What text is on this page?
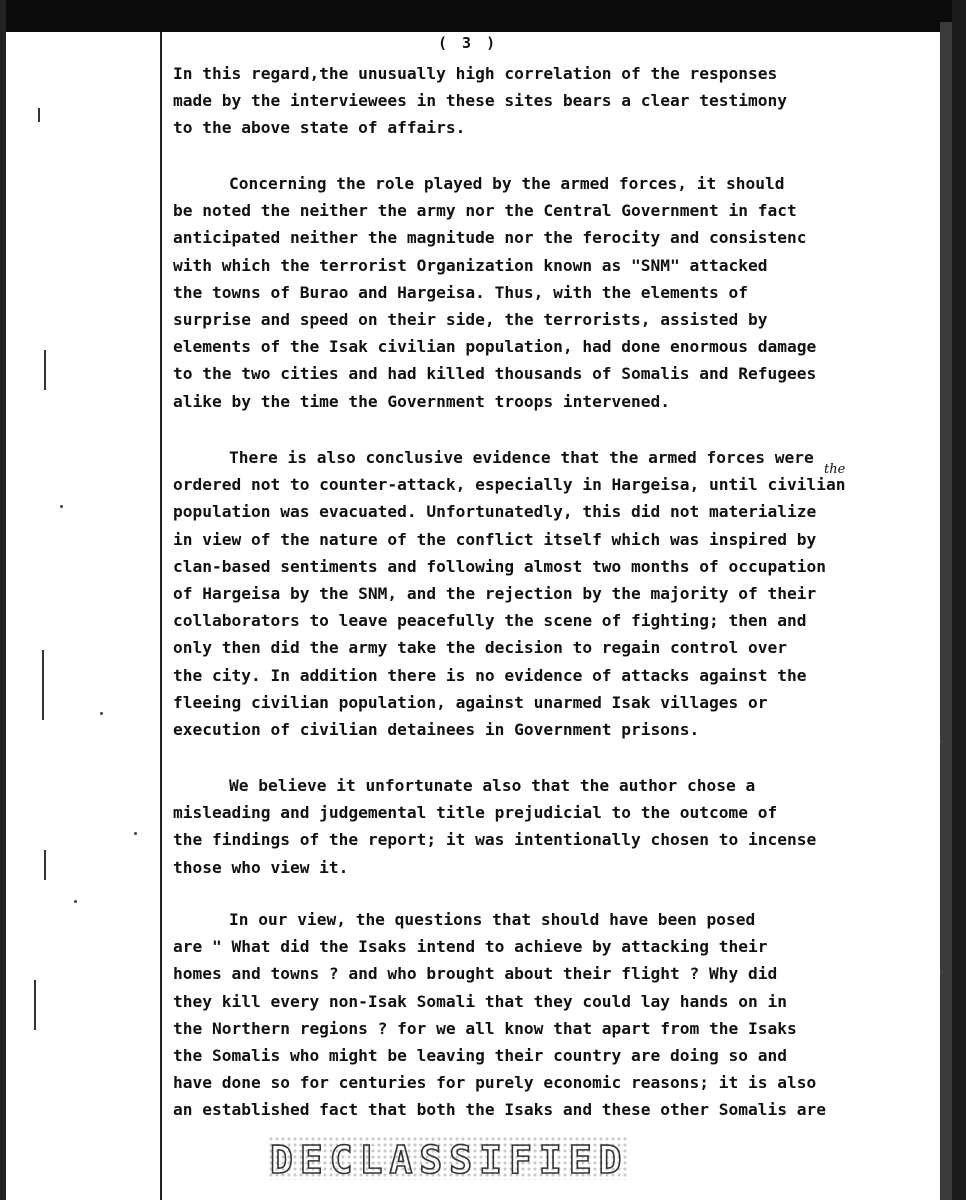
( 3 )
the

In this regard,the unusually high correlation of the responses
made by the interviewees in these sites bears a clear testimony
to the above state of affairs.

Concerning the role played by the armed forces, it should
be noted the neither the army nor the Central Government in fact
anticipated neither the magnitude nor the ferocity and consistenc
with which the terrorist Organization known as "SNM" attacked
the towns of Burao and Hargeisa. Thus, with the elements of
surprise and speed on their side, the terrorists, assisted by
elements of the Isak civilian population, had done enormous damage
to the two cities and had killed thousands of Somalis and Refugees
alike by the time the Government troops intervened.

There is also conclusive evidence that the armed forces were
ordered not to counter-attack, especially in Hargeisa, until civilian
population was evacuated. Unfortunatedly, this did not materialize
in view of the nature of the conflict itself which was inspired by
clan-based sentiments and following almost two months of occupation
of Hargeisa by the SNM, and the rejection by the majority of their
collaborators to leave peacefully the scene of fighting; then and
only then did the army take the decision to regain control over
the city. In addition there is no evidence of attacks against the
fleeing civilian population, against unarmed Isak villages or
execution of civilian detainees in Government prisons.

We believe it unfortunate also that the author chose a
misleading and judgemental title prejudicial to the outcome of
the findings of the report; it was intentionally chosen to incense
those who view it.

In our view, the questions that should have been posed
are " What did the Isaks intend to achieve by attacking their
homes and towns ? and who brought about their flight ? Why did
they kill every non-Isak Somali that they could lay hands on in
the Northern regions ? for we all know that apart from the Isaks
the Somalis who might be leaving their country are doing so and
have done so for centuries for purely economic reasons; it is also
an established fact that both the Isaks and these other Somalis are

DECLASSIFIED
